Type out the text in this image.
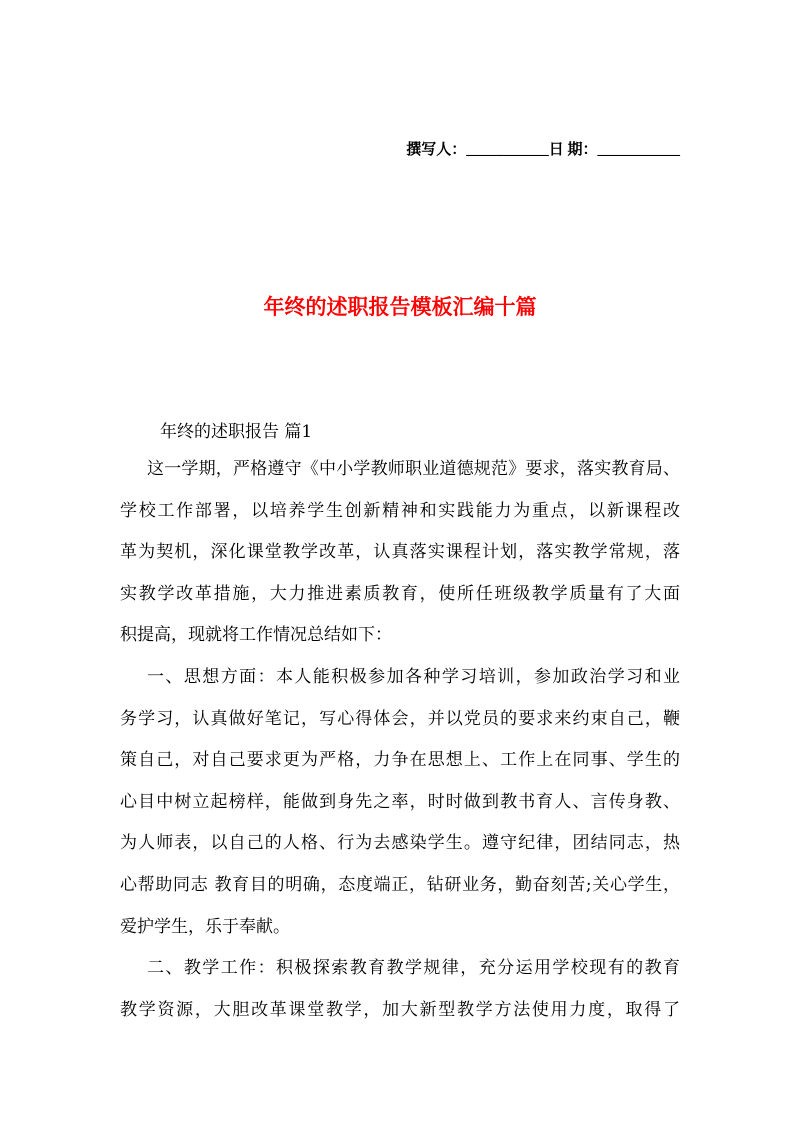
撰写人：___________日 期：___________
年终的述职报告模板汇编十篇
年终的述职报告 篇1
这一学期，严格遵守《中小学教师职业道德规范》要求，落实教育局、
学校工作部署，以培养学生创新精神和实践能力为重点，以新课程改
革为契机，深化课堂教学改革，认真落实课程计划，落实教学常规，落
实教学改革措施，大力推进素质教育，使所任班级教学质量有了大面
积提高，现就将工作情况总结如下：
一、思想方面：本人能积极参加各种学习培训，参加政治学习和业
务学习，认真做好笔记，写心得体会，并以党员的要求来约束自己，鞭
策自己，对自己要求更为严格，力争在思想上、工作上在同事、学生的
心目中树立起榜样，能做到身先之率，时时做到教书育人、言传身教、
为人师表，以自己的人格、行为去感染学生。遵守纪律，团结同志，热
心帮助同志 教育目的明确，态度端正，钻研业务，勤奋刻苦;关心学生，
爱护学生，乐于奉献。
二、教学工作：积极探索教育教学规律，充分运用学校现有的教育
教学资源，大胆改革课堂教学，加大新型教学方法使用力度，取得了
